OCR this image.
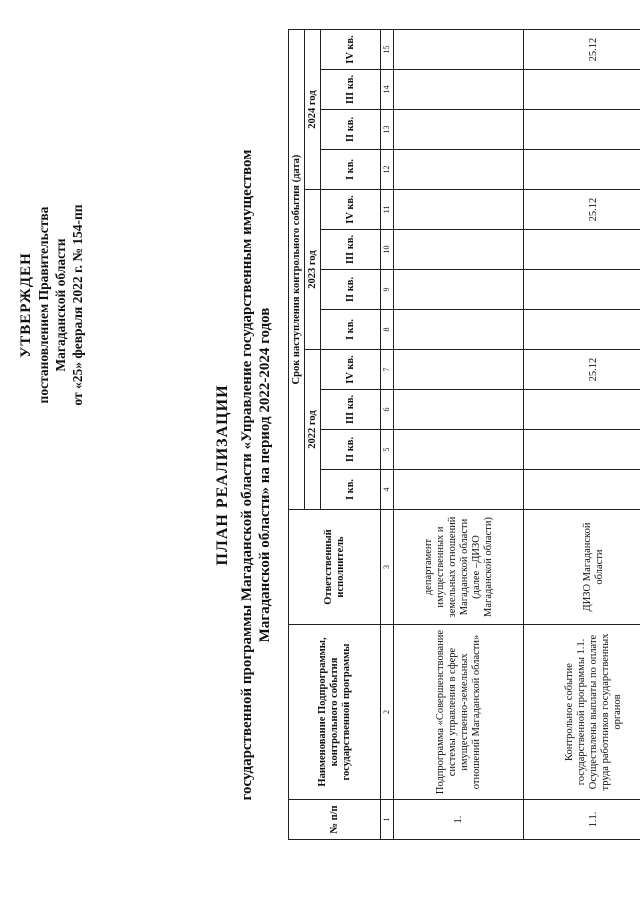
УТВЕРЖДЕН постановлением Правительства Магаданской области от «25» февраля 2022 г. № 154-пп
ПЛАН РЕАЛИЗАЦИИ государственной программы Магаданской области «Управление государственным имуществом Магаданской области» на период 2022-2024 годов
№ п/п	Наименование Подпрограммы, контрольного события государственной программы	Ответственный исполнитель	Срок наступления контрольного события (дата)											
			2022 год				2023 год				2024 год			
			I кв.	II кв.	III кв.	IV кв.	I кв.	II кв.	III кв.	IV кв.	I кв.	II кв.	III кв.	IV кв.
1	2	3	4	5	6	7	8	9	10	11	12	13	14	15
1.	Подпрограмма «Совершенствование системы управления в сфере имущественно-земельных отношений Магаданской области»	департамент имущественных и земельных отношений Магаданской области (далее –ДИЗО Магаданской области)												
1.1.	Контрольное событие государственной программы 1.1. Осуществлены выплаты по оплате труда работников государственных органов	ДИЗО Магаданской области				25.12				25.12				25.12
